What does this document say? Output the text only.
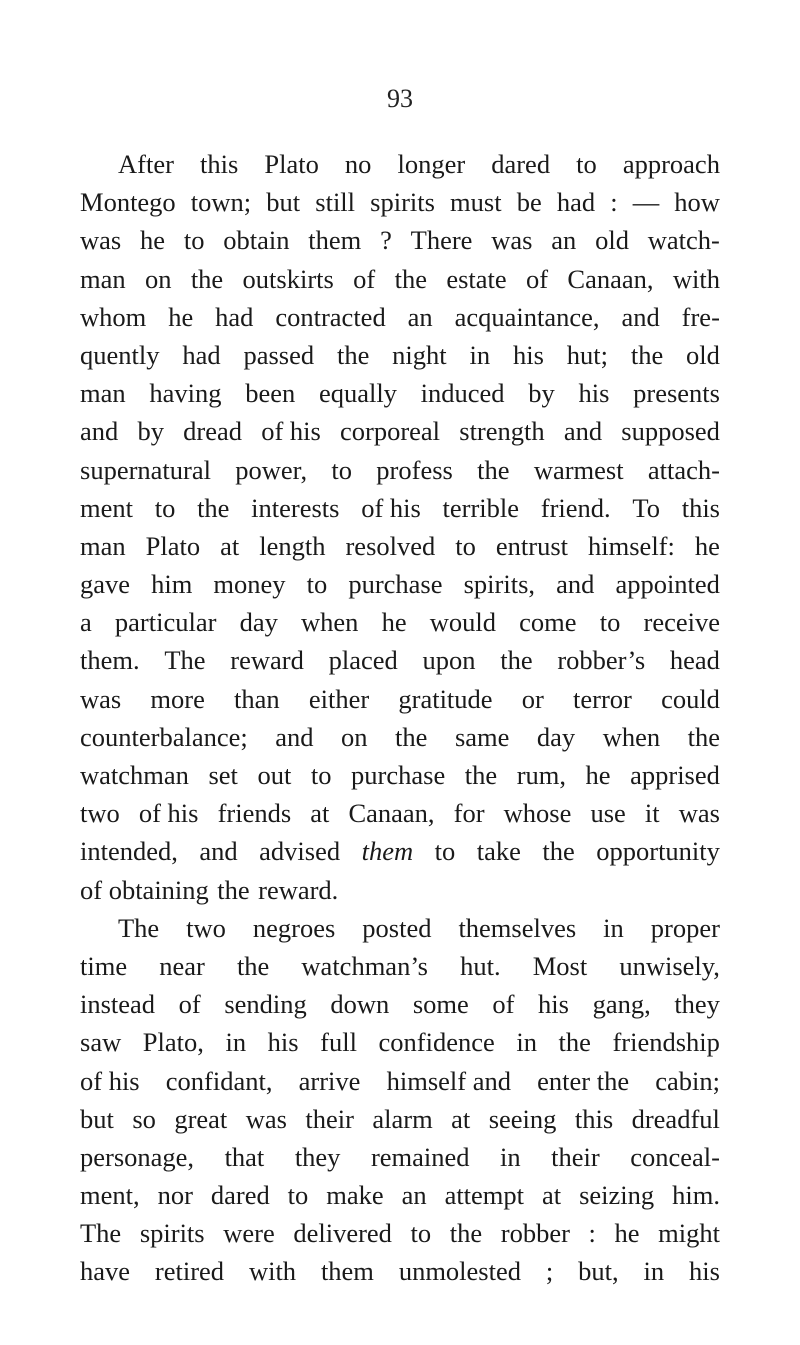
93
After this Plato no longer dared to approach
Montego town; but still spirits must be had : — how
was he to obtain them ? There was an old watch-
man on the outskirts of the estate of Canaan, with
whom he had contracted an acquaintance, and fre-
quently had passed the night in his hut; the old
man having been equally induced by his presents
and by dread of his corporeal strength and supposed
supernatural power, to profess the warmest attach-
ment to the interests of his terrible friend. To this
man Plato at length resolved to entrust himself: he
gave him money to purchase spirits, and appointed
a particular day when he would come to receive
them. The reward placed upon the robber’s head
was more than either gratitude or terror could
counterbalance; and on the same day when the
watchman set out to purchase the rum, he apprised
two of his friends at Canaan, for whose use it was
intended, and advised them to take the opportunity
of obtaining the reward.
The two negroes posted themselves in proper
time near the watchman’s hut. Most unwisely,
instead of sending down some of his gang, they
saw Plato, in his full confidence in the friendship
of his confidant, arrive himself and enter the cabin;
but so great was their alarm at seeing this dreadful
personage, that they remained in their conceal-
ment, nor dared to make an attempt at seizing him.
The spirits were delivered to the robber : he might
have retired with them unmolested ; but, in his
